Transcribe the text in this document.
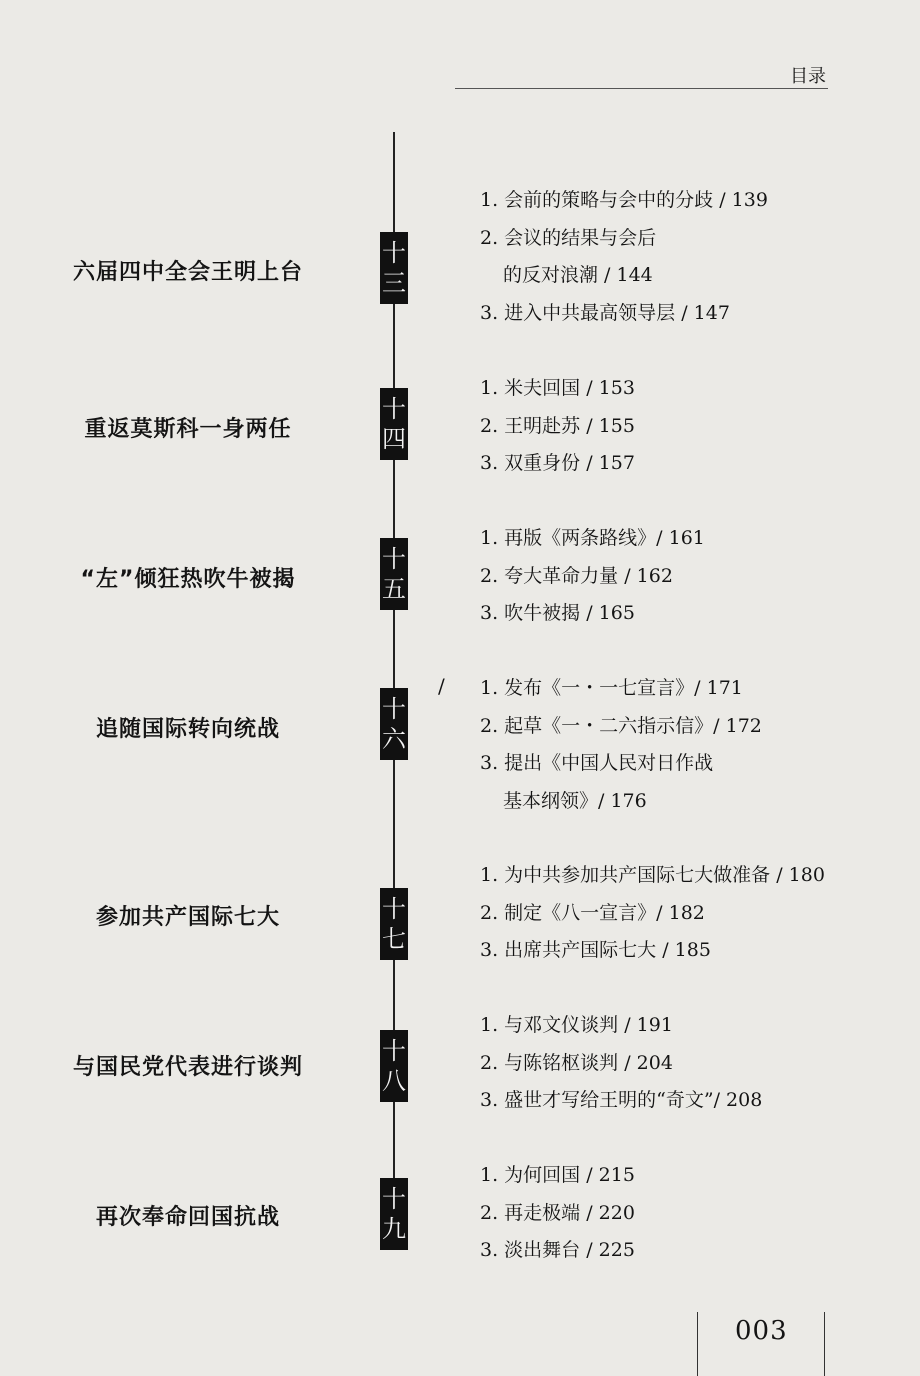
目录
六届四中全会王明上台
十
三
1. 会前的策略与会中的分歧 / 139
2. 会议的结果与会后
的反对浪潮 / 144
3. 进入中共最高领导层 / 147
重返莫斯科一身两任
十
四
1. 米夫回国 / 153
2. 王明赴苏 / 155
3. 双重身份 / 157
“左”倾狂热吹牛被揭
十
五
1. 再版《两条路线》/ 161
2. 夸大革命力量 / 162
3. 吹牛被揭 / 165
/
追随国际转向统战
十
六
1. 发布《一・一七宣言》/ 171
2. 起草《一・二六指示信》/ 172
3. 提出《中国人民对日作战
基本纲领》/ 176
参加共产国际七大	十
七
1. 为中共参加共产国际七大做准备 / 180
2. 制定《八一宣言》/ 182
3. 出席共产国际七大 / 185
与国民党代表进行谈判
十
八
1. 与邓文仪谈判 / 191
2. 与陈铭枢谈判 / 204
3. 盛世才写给王明的“奇文”/ 208
再次奉命回国抗战
十
九
1. 为何回国 / 215
2. 再走极端 / 220
3. 淡出舞台 / 225
003
